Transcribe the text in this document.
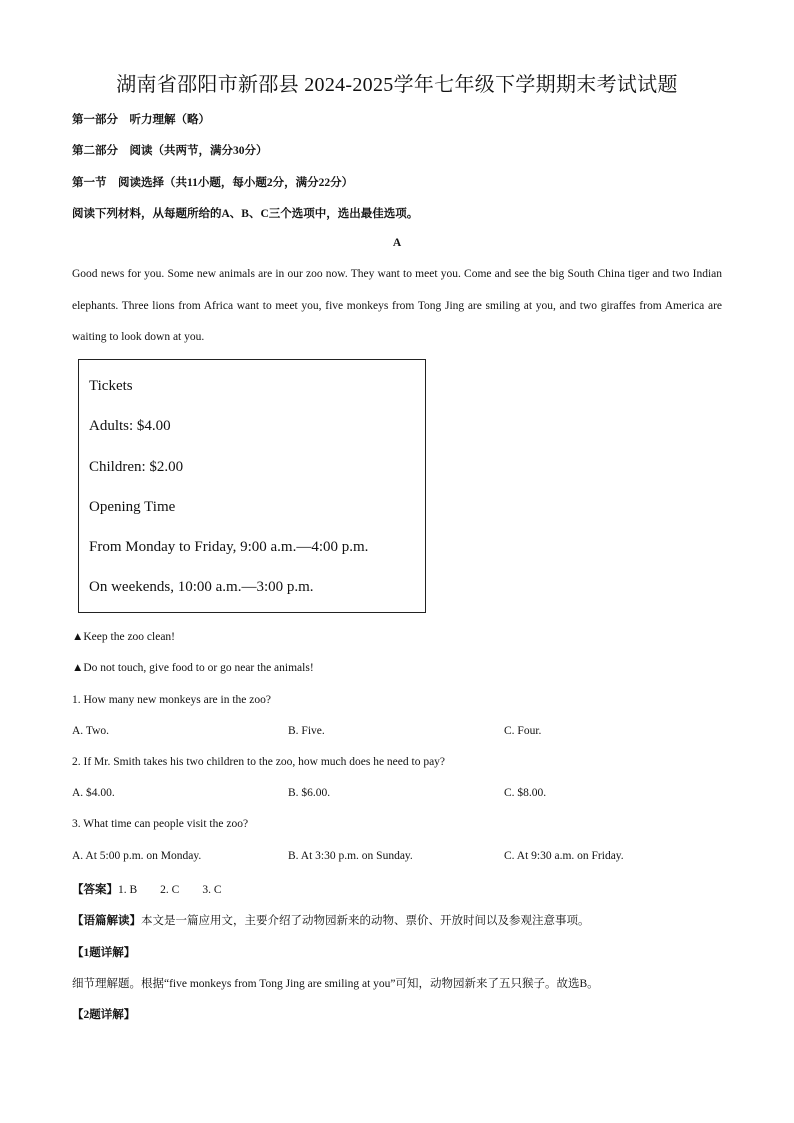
湖南省邵阳市新邵县 2024-2025学年七年级下学期期末考试试题
第一部分　听力理解（略）
第二部分　阅读（共两节，满分30分）
第一节　阅读选择（共11小题，每小题2分，满分22分）
阅读下列材料，从每题所给的A、B、C三个选项中，选出最佳选项。
A
Good news for you. Some new animals are in our zoo now. They want to meet you. Come and see the big South China tiger and two Indian elephants. Three lions from Africa want to meet you, five monkeys from Tong Jing are smiling at you, and two giraffes from America are waiting to look down at you.
Tickets
Adults: $4.00
Children: $2.00
Opening Time
From Monday to Friday, 9:00 a.m.—4:00 p.m.
On weekends, 10:00 a.m.—3:00 p.m.
▲Keep the zoo clean!
▲Do not touch, give food to or go near the animals!
1. How many new monkeys are in the zoo?
A. Two.	B. Five.	C. Four.
2. If Mr. Smith takes his two children to the zoo, how much does he need to pay?
A. $4.00.	B. $6.00.	C. $8.00.
3. What time can people visit the zoo?
A. At 5:00 p.m. on Monday.	B. At 3:30 p.m. on Sunday.	C. At 9:30 a.m. on Friday.
【答案】1. B　　2. C　　3. C
【语篇解读】本文是一篇应用文，主要介绍了动物园新来的动物、票价、开放时间以及参观注意事项。
【1题详解】
细节理解题。根据“five monkeys from Tong Jing are smiling at you”可知，动物园新来了五只猴子。故选B。
【2题详解】
